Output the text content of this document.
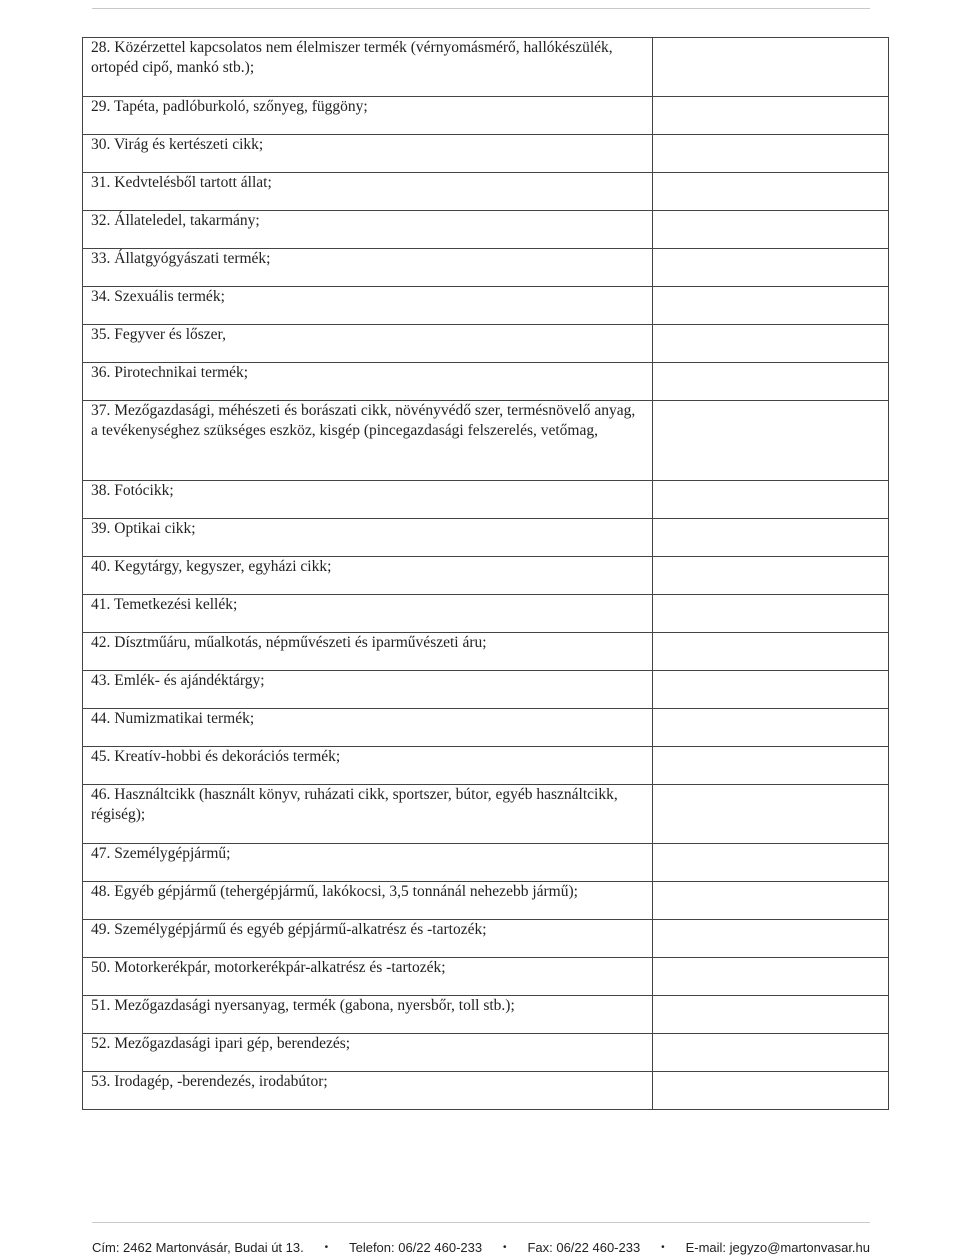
28. Közérzettel kapcsolatos nem élelmiszer termék (vérnyomásmérő, hallókészülék, ortopéd cipő, mankó stb.);	
29. Tapéta, padlóburkoló, szőnyeg, függöny;	
30. Virág és kertészeti cikk;	
31. Kedvtelésből tartott állat;	
32. Állateledel, takarmány;	
33. Állatgyógyászati termék;	
34. Szexuális termék;	
35. Fegyver és lőszer,	
36. Pirotechnikai termék;	
37. Mezőgazdasági, méhészeti és borászati cikk, növényvédő szer, termésnövelő anyag, a tevékenységhez szükséges eszköz, kisgép (pincegazdasági felszerelés, vetőmag,	
38. Fotócikk;	
39. Optikai cikk;	
40. Kegytárgy, kegyszer, egyházi cikk;	
41. Temetkezési kellék;	
42. Dísztműáru, műalkotás, népművészeti és iparművészeti áru;	
43. Emlék- és ajándéktárgy;	
44. Numizmatikai termék;	
45. Kreatív-hobbi és dekorációs termék;	
46. Használtcikk (használt könyv, ruházati cikk, sportszer, bútor, egyéb használtcikk, régiség);	
47. Személygépjármű;	
48. Egyéb gépjármű (tehergépjármű, lakókocsi, 3,5 tonnánál nehezebb jármű);	
49. Személygépjármű és egyéb gépjármű-alkatrész és -tartozék;	
50. Motorkerékpár, motorkerékpár-alkatrész és -tartozék;	
51. Mezőgazdasági nyersanyag, termék (gabona, nyersbőr, toll stb.);	
52. Mezőgazdasági ipari gép, berendezés;	
53. Irodagép, -berendezés, irodabútor;	
Cím: 2462 Martonvásár, Budai út 13. • Telefon: 06/22 460-233 • Fax: 06/22 460-233 • E-mail: jegyzo@martonvasar.hu
